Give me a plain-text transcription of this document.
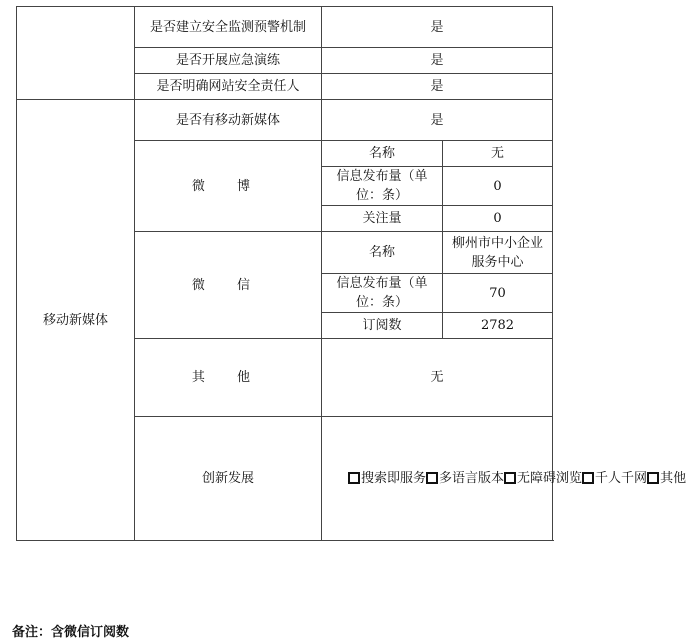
	是否建立安全监测预警机制	是	
	是否开展应急演练	是	
	是否明确网站安全责任人	是	
移动新媒体	是否有移动新媒体	是	
	微 博	名称	无
		信息发布量（单位：条）	0
		关注量	0
	微 信	名称	柳州市中小企业服务中心
		信息发布量（单位：条）	70
		订阅数	2782
	其 他	无	
	创新发展	搜索即服务 多语言版本 无障碍浏览 千人千网 其他	
备注：含微信订阅数
